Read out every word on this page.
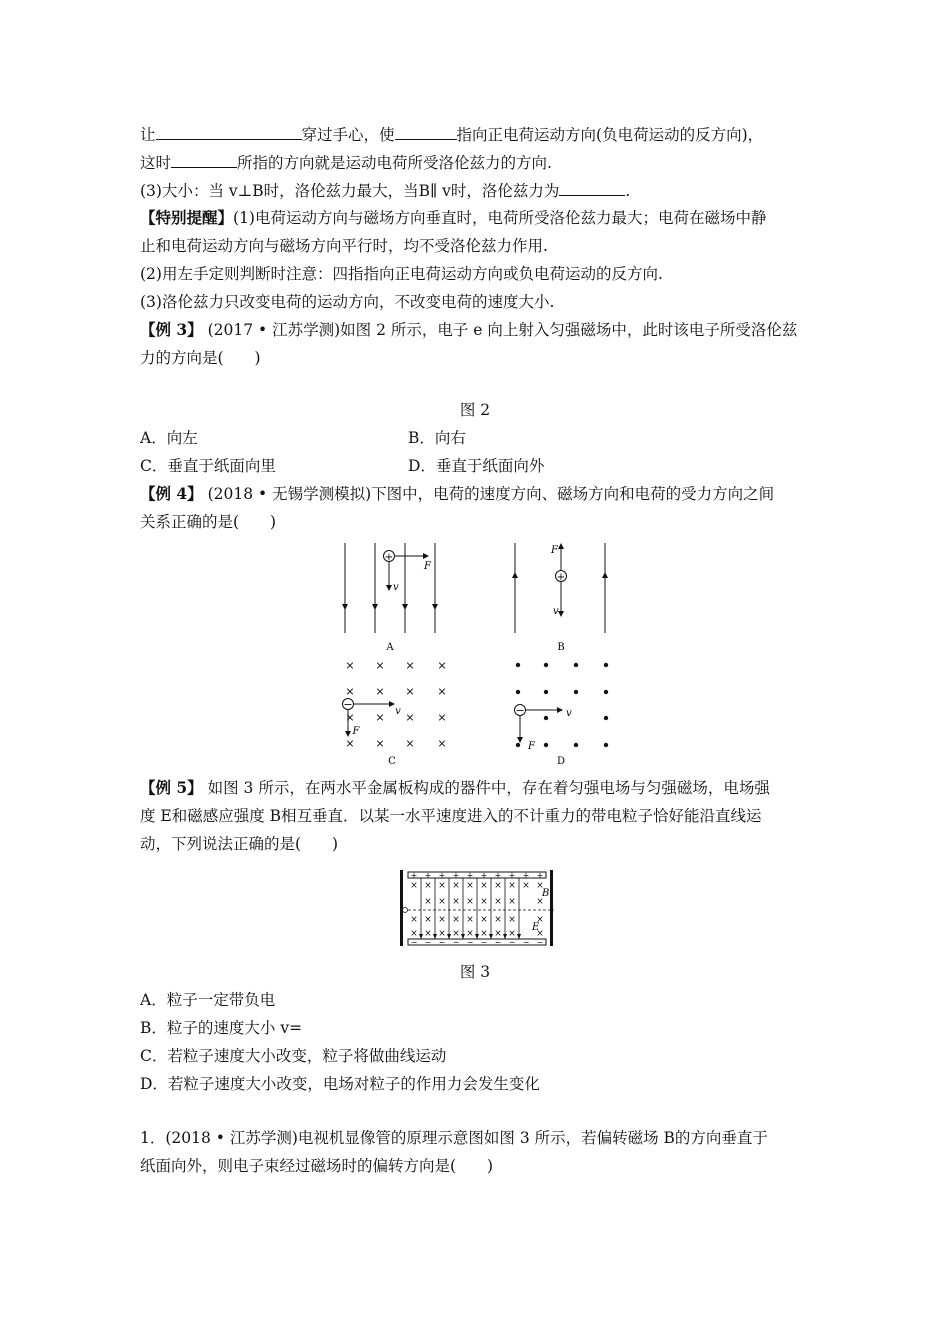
让	穿过手心，使	指向正电荷运动方向(负电荷运动的反方向)，
这时	所指的方向就是运动电荷所受洛伦兹力的方向.
(3)大小：当 v⊥B时，洛伦兹力最大，当B∥ v时，洛伦兹力为	.
【特别提醒】(1)电荷运动方向与磁场方向垂直时，电荷所受洛伦兹力最大；电荷在磁场中静
止和电荷运动方向与磁场方向平行时，均不受洛伦兹力作用.
(2)用左手定则判断时注意：四指指向正电荷运动方向或负电荷运动的反方向.
(3)洛伦兹力只改变电荷的运动方向，不改变电荷的速度大小.
【例 3】 (2017 • 江苏学测)如图 2 所示，电子 e 向上射入匀强磁场中，此时该电子所受洛伦兹
力的方向是(　　)
图 2
A．向左	B．向右
C．垂直于纸面向里	D．垂直于纸面向外
【例 4】 (2018 • 无锡学测模拟)下图中，电荷的速度方向、磁场方向和电荷的受力方向之间
关系正确的是(　　)
+
F
v
A
F
+
v
B
× × × ×
× × × ×
× × × ×
× × × ×
−
v
F
C
−	v
F
D
【例 5】 如图 3 所示，在两水平金属板构成的器件中，存在着匀强电场与匀强磁场，电场强
度 E和磁感应强度 B相互垂直．以某一水平速度进入的不计重力的带电粒子恰好能沿直线运
动，下列说法正确的是(　　)
+ + + + + + + + + +
− − − − − − − − − −
× × × × × × × × × ×
× × × × × × × ×
× × × × × × × × ×
× × × × × × × × ×
B
E
图 3
A．粒子一定带负电
B．粒子的速度大小 v=
C．若粒子速度大小改变，粒子将做曲线运动
D．若粒子速度大小改变，电场对粒子的作用力会发生变化
1．(2018 • 江苏学测)电视机显像管的原理示意图如图 3 所示，若偏转磁场 B的方向垂直于
纸面向外，则电子束经过磁场时的偏转方向是(　　)
